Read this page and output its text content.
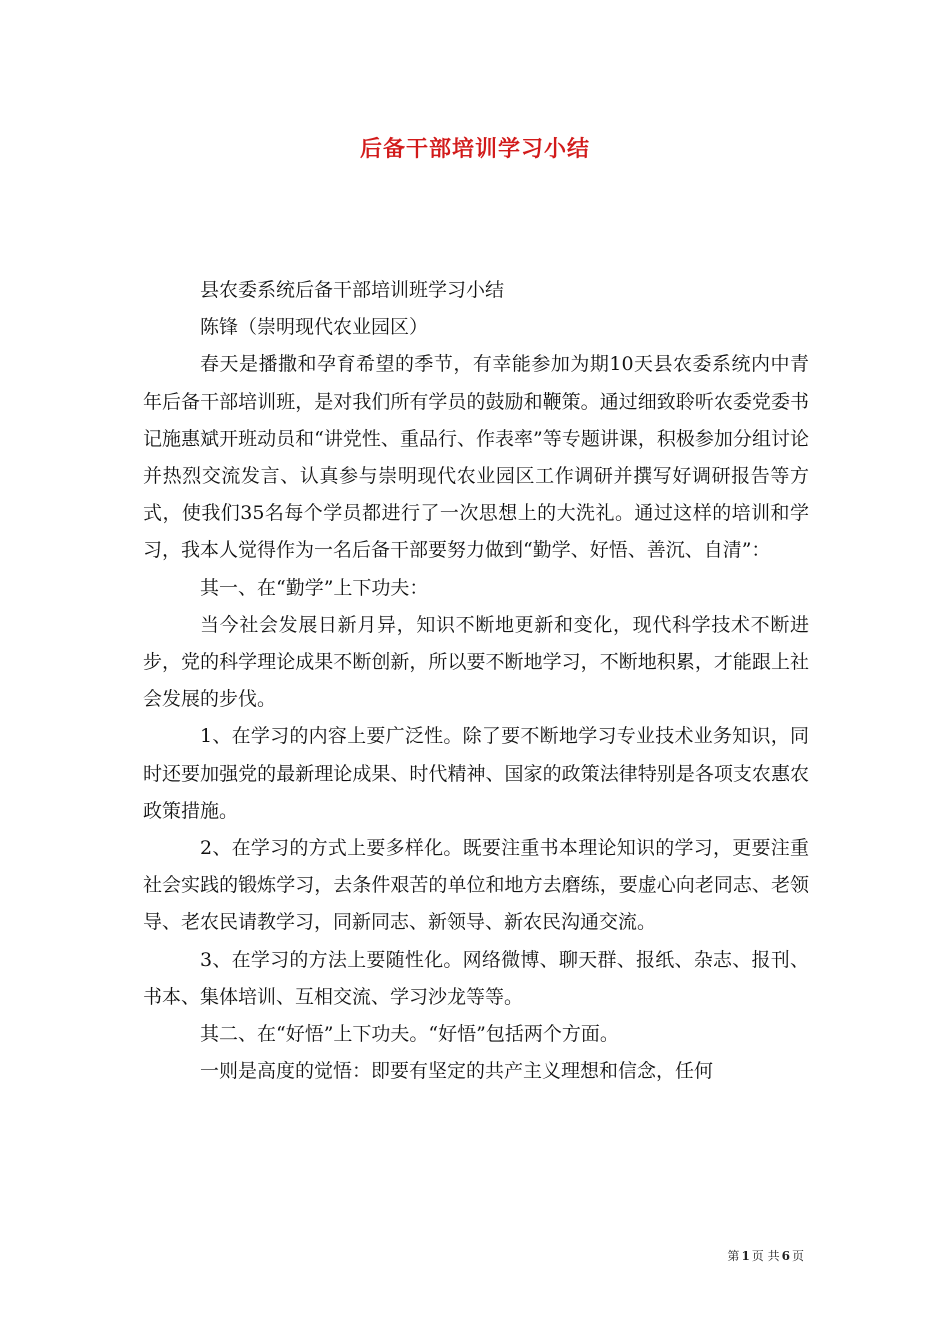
后备干部培训学习小结

县农委系统后备干部培训班学习小结

陈锋（崇明现代农业园区）

春天是播撒和孕育希望的季节，有幸能参加为期10天县农委系统内中青年后备干部培训班，是对我们所有学员的鼓励和鞭策。通过细致聆听农委党委书记施惠斌开班动员和“讲党性、重品行、作表率”等专题讲课，积极参加分组讨论并热烈交流发言、认真参与崇明现代农业园区工作调研并撰写好调研报告等方式，使我们35名每个学员都进行了一次思想上的大洗礼。通过这样的培训和学习，我本人觉得作为一名后备干部要努力做到“勤学、好悟、善沉、自清”：

其一、在“勤学”上下功夫：

当今社会发展日新月异，知识不断地更新和变化，现代科学技术不断进步，党的科学理论成果不断创新，所以要不断地学习，不断地积累，才能跟上社会发展的步伐。

1、在学习的内容上要广泛性。除了要不断地学习专业技术业务知识，同时还要加强党的最新理论成果、时代精神、国家的政策法律特别是各项支农惠农政策措施。

2、在学习的方式上要多样化。既要注重书本理论知识的学习，更要注重社会实践的锻炼学习，去条件艰苦的单位和地方去磨练，要虚心向老同志、老领导、老农民请教学习，同新同志、新领导、新农民沟通交流。

3、在学习的方法上要随性化。网络微博、聊天群、报纸、杂志、报刊、书本、集体培训、互相交流、学习沙龙等等。

其二、在“好悟”上下功夫。“好悟”包括两个方面。

一则是高度的觉悟：即要有坚定的共产主义理想和信念，任何

第 1 页 共 6 页
